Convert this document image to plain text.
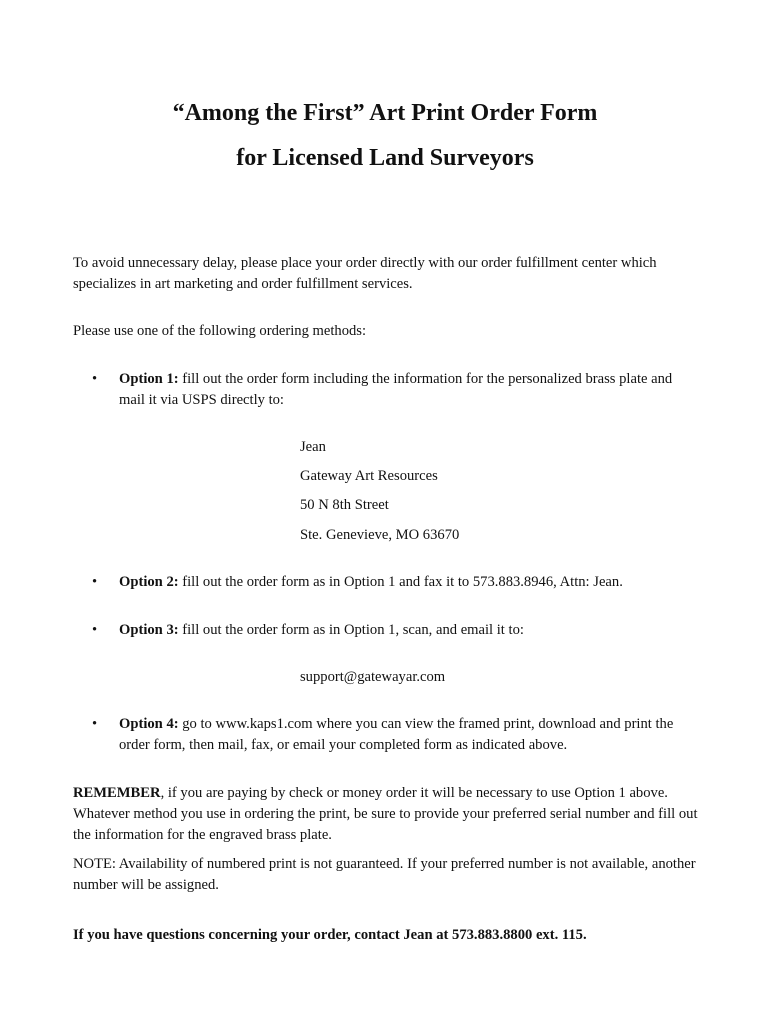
“Among the First” Art Print Order Form
for Licensed Land Surveyors

To avoid unnecessary delay, please place your order directly with our order fulfillment center which
specializes in art marketing and order fulfillment services.

Please use one of the following ordering methods:

• Option 1: fill out the order form including the information for the personalized brass plate and
mail it via USPS directly to:

Jean

Gateway Art Resources

50 N 8th Street

Ste. Genevieve, MO 63670

• Option 2: fill out the order form as in Option 1 and fax it to 573.883.8946, Attn: Jean.
• Option 3: fill out the order form as in Option 1, scan, and email it to:

support@gatewayar.com

• Option 4: go to www.kaps1.com where you can view the framed print, download and print the
order form, then mail, fax, or email your completed form as indicated above.

REMEMBER, if you are paying by check or money order it will be necessary to use Option 1 above.
Whatever method you use in ordering the print, be sure to provide your preferred serial number and fill out
the information for the engraved brass plate.

NOTE: Availability of numbered print is not guaranteed. If your preferred number is not available, another
number will be assigned.

If you have questions concerning your order, contact Jean at 573.883.8800 ext. 115.
